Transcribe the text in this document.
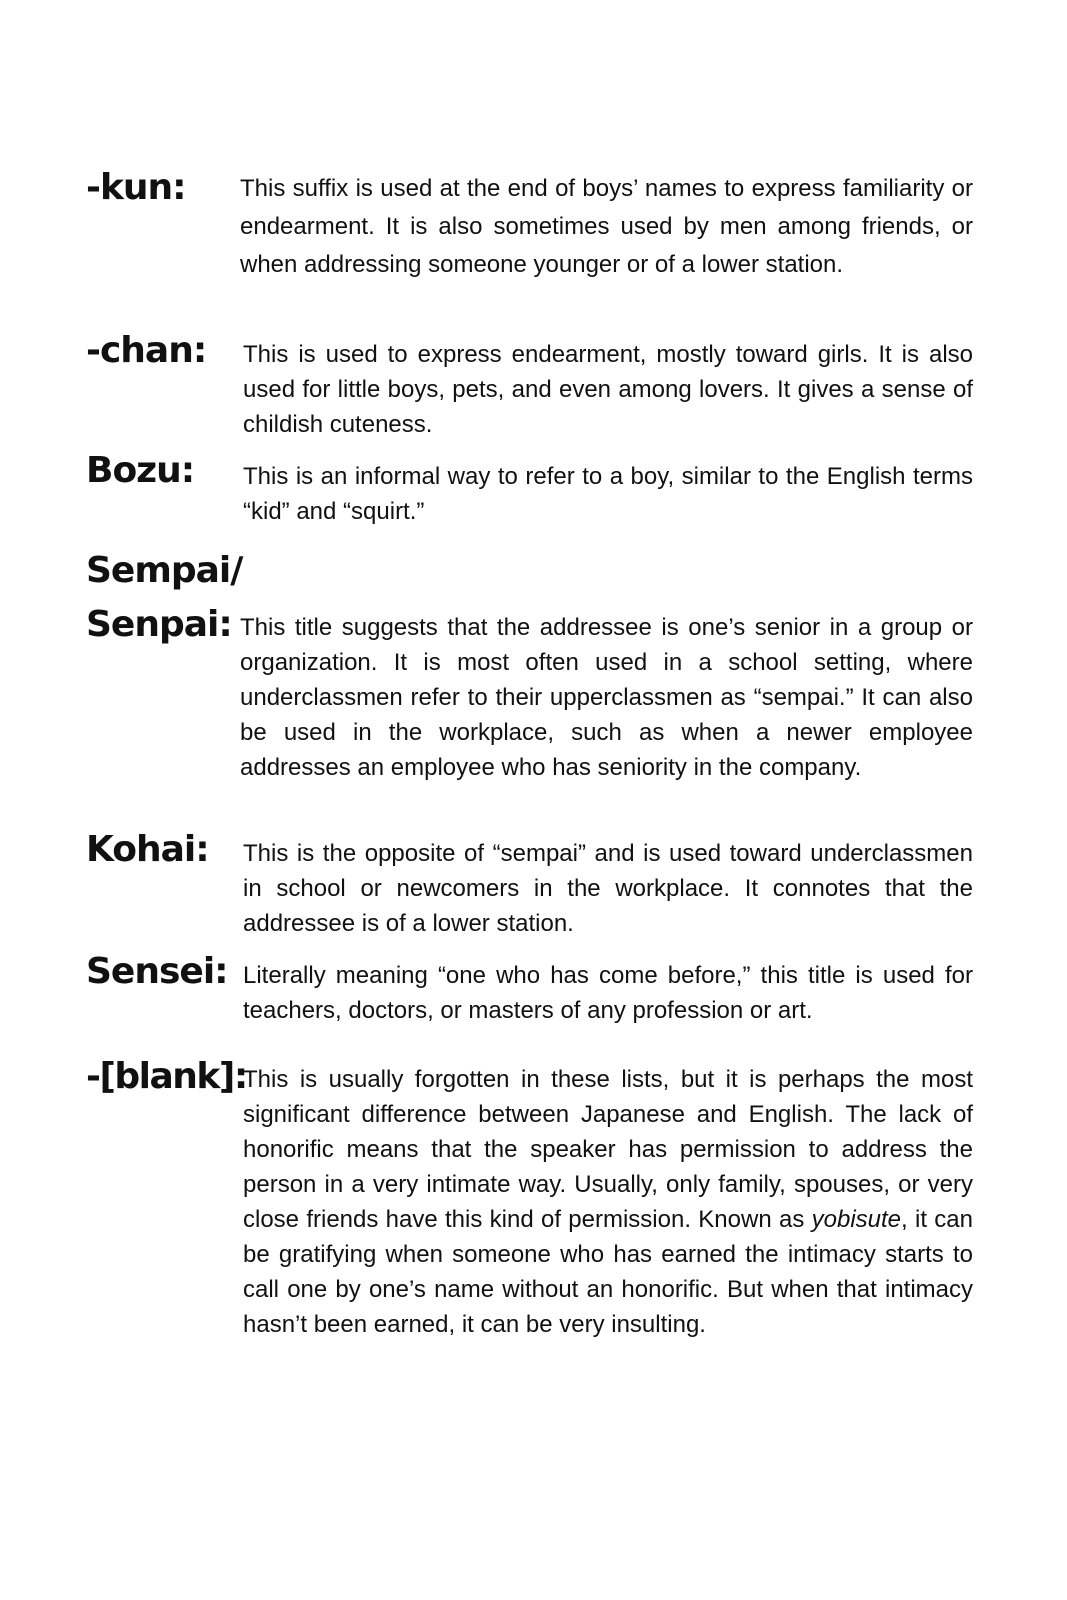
-kun: This suffix is used at the end of boys’ names to express familiarity or endearment. It is also sometimes used by men among friends, or when addressing someone younger or of a lower station.

-chan: This is used to express endearment, mostly toward girls. It is also used for little boys, pets, and even among lovers. It gives a sense of childish cuteness.

Bozu: This is an informal way to refer to a boy, similar to the English terms “kid” and “squirt.”

Sempai/
Senpai: This title suggests that the addressee is one’s senior in a group or organization. It is most often used in a school setting, where underclassmen refer to their upperclassmen as “sempai.” It can also be used in the workplace, such as when a newer employee addresses an employee who has seniority in the company.

Kohai: This is the opposite of “sempai” and is used toward underclassmen in school or newcomers in the workplace. It connotes that the addressee is of a lower station.

Sensei: Literally meaning “one who has come before,” this title is used for teachers, doctors, or masters of any profession or art.

-[blank]:

This is usually forgotten in these lists, but it is perhaps the most significant difference between Japanese and English. The lack of honorific means that the speaker has permission to address the person in a very intimate way. Usually, only family, spouses, or very close friends have this kind of permission. Known as yobisute, it can be gratifying when someone who has earned the intimacy starts to call one by one’s name without an honorific. But when that intimacy hasn’t been earned, it can be very insulting.
